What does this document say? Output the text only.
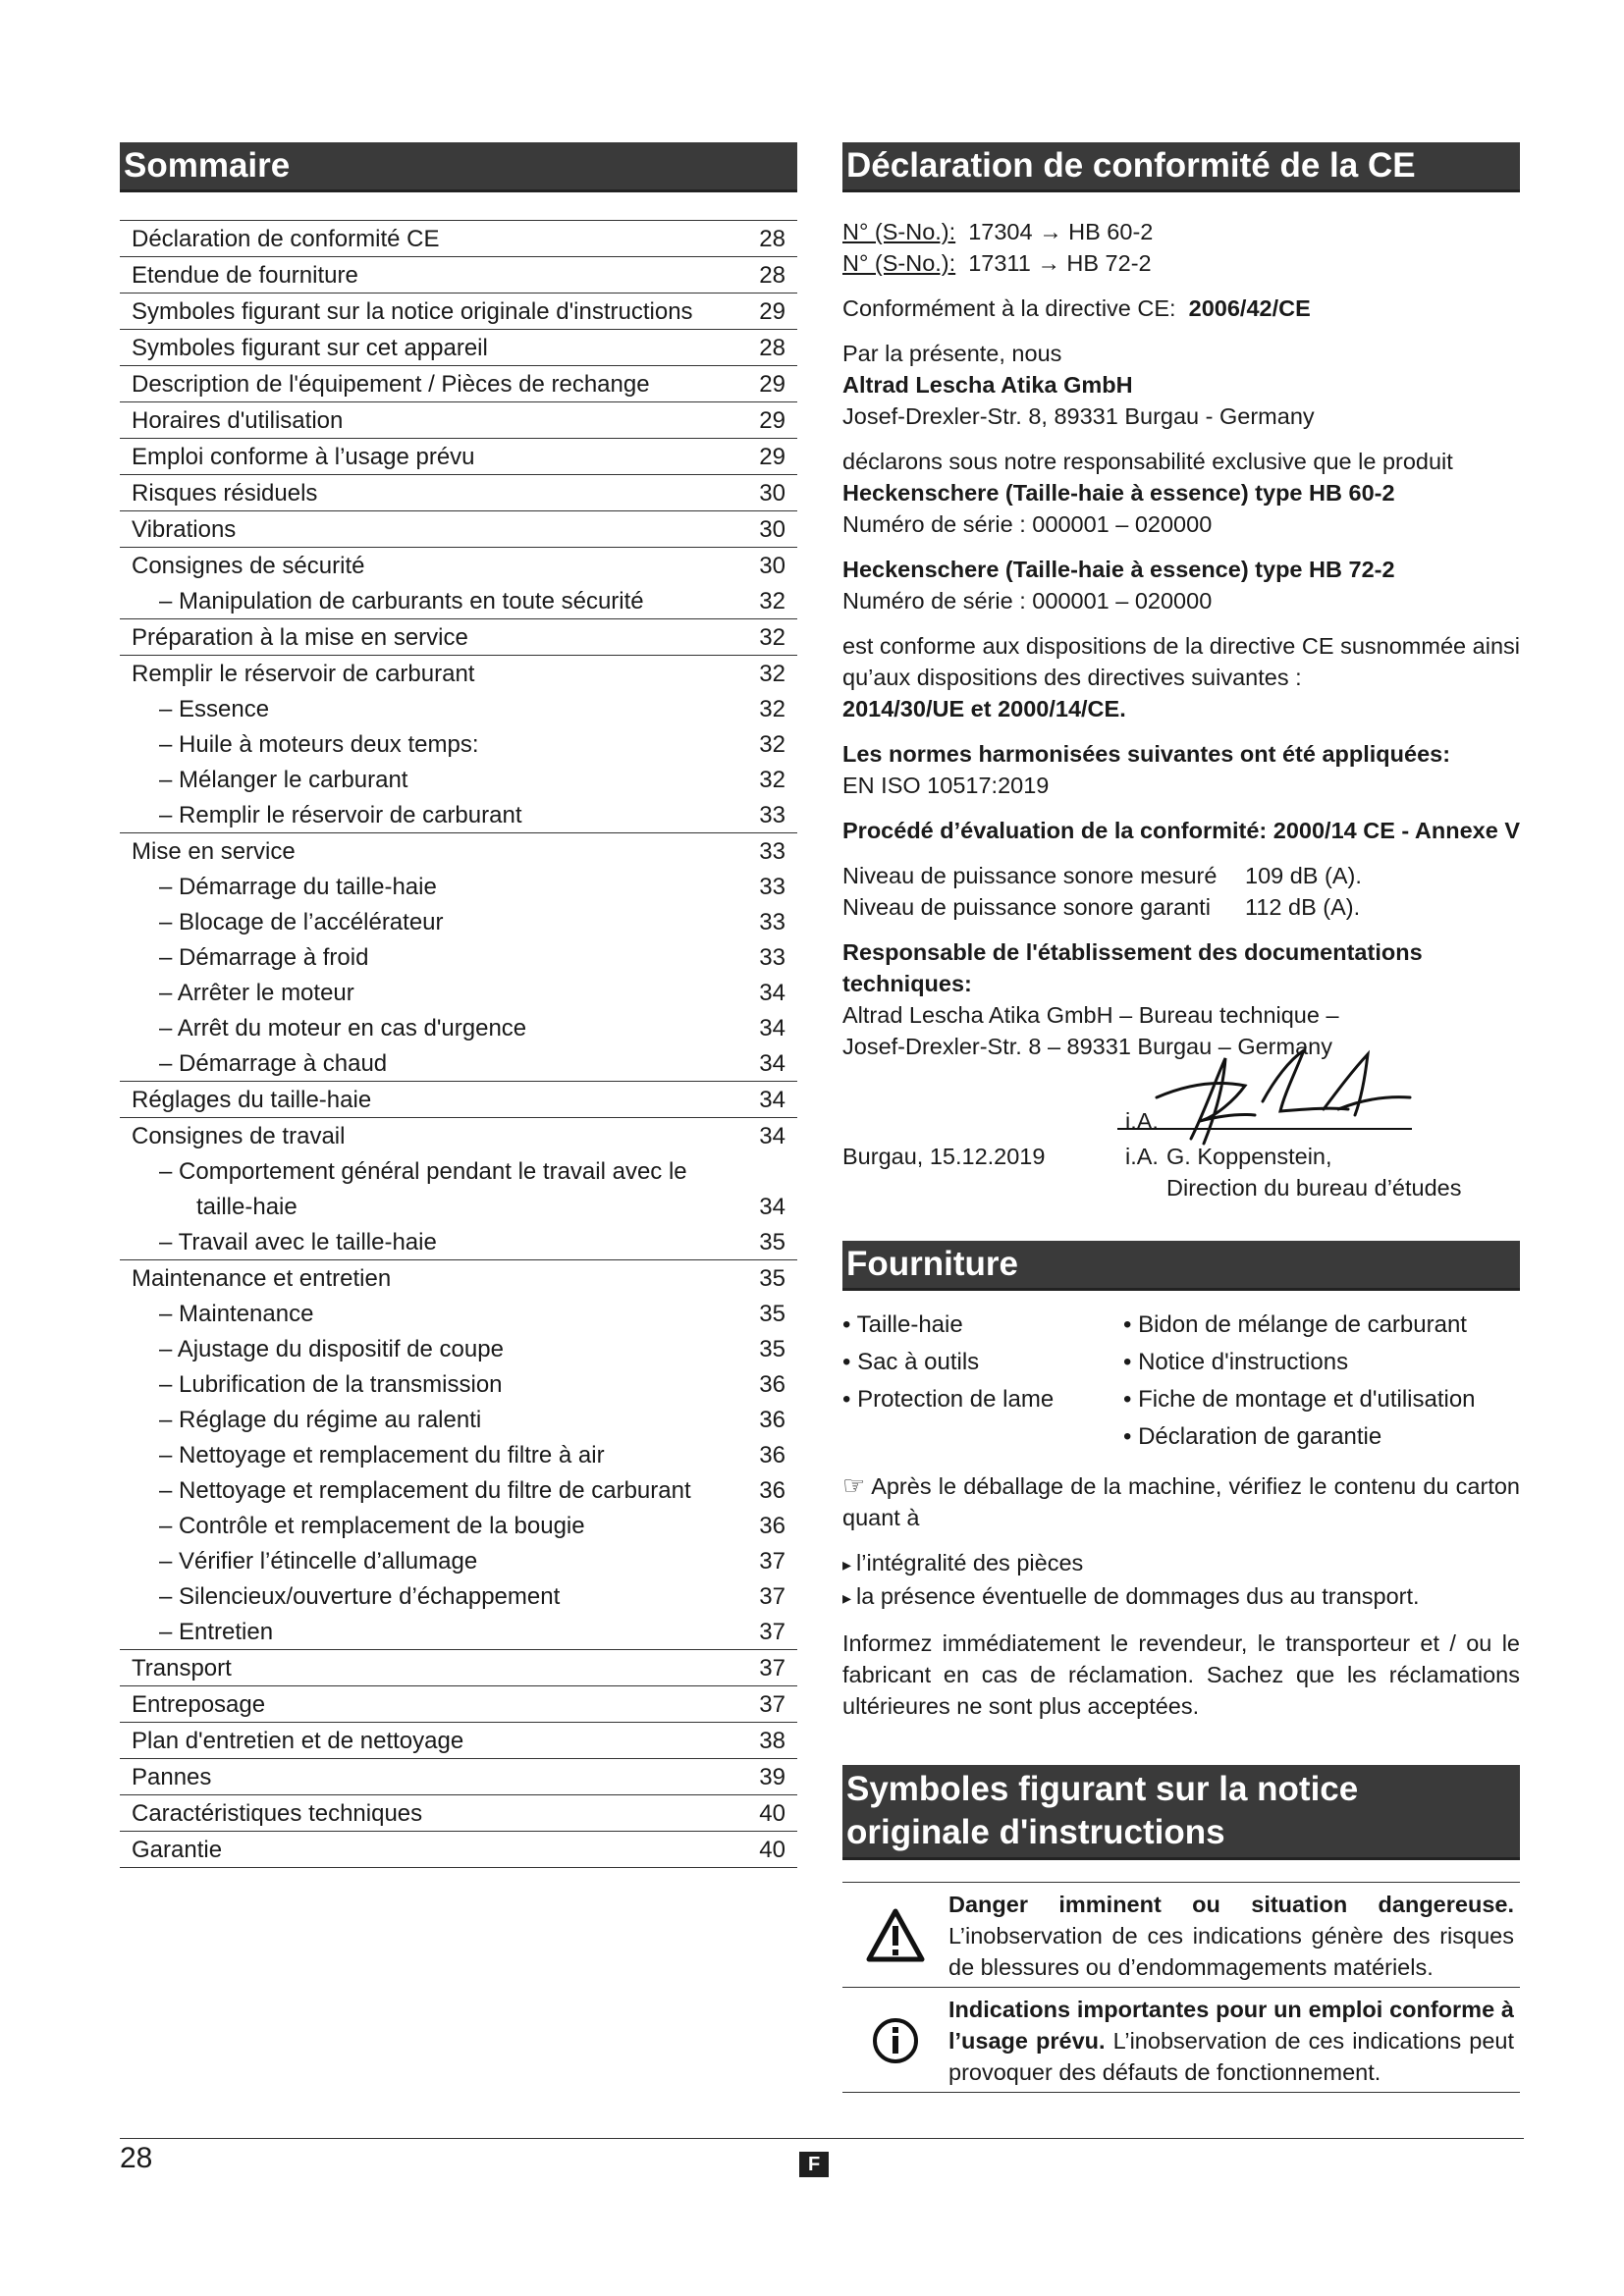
Sommaire
Déclaration de conformité CE	28
Etendue de fourniture	28
Symboles figurant sur la notice originale d'instructions	29
Symboles figurant sur cet appareil	28
Description de l'équipement / Pièces de rechange	29
Horaires d'utilisation	29
Emploi conforme à l’usage prévu	29
Risques résiduels	30
Vibrations	30
Consignes de sécurité	30
– Manipulation de carburants en toute sécurité	32
Préparation à la mise en service	32
Remplir le réservoir de carburant	32
– Essence	32
– Huile à moteurs deux temps:	32
– Mélanger le carburant	32
– Remplir le réservoir de carburant	33
Mise en service	33
– Démarrage du taille-haie	33
– Blocage de l’accélérateur	33
– Démarrage à froid	33
– Arrêter le moteur	34
– Arrêt du moteur en cas d'urgence	34
– Démarrage à chaud	34
Réglages du taille-haie	34
Consignes de travail	34
– Comportement général pendant le travail avec le
taille-haie	34
– Travail avec le taille-haie	35
Maintenance et entretien	35
– Maintenance	35
– Ajustage du dispositif de coupe	35
– Lubrification de la transmission	36
– Réglage du régime au ralenti	36
– Nettoyage et remplacement du filtre à air	36
– Nettoyage et remplacement du filtre de carburant	36
– Contrôle et remplacement de la bougie	36
– Vérifier l’étincelle d’allumage	37
– Silencieux/ouverture d’échappement	37
– Entretien	37
Transport	37
Entreposage	37
Plan d'entretien et de nettoyage	38
Pannes	39
Caractéristiques techniques	40
Garantie	40
Déclaration de conformité de la CE
N° (S-No.): 17304 → HB 60-2
N° (S-No.): 17311 → HB 72-2
Conformément à la directive CE: 2006/42/CE
Par la présente, nous
Altrad Lescha Atika GmbH
Josef-Drexler-Str. 8, 89331 Burgau - Germany
déclarons sous notre responsabilité exclusive que le produit
Heckenschere (Taille-haie à essence) type HB 60-2
Numéro de série : 000001 – 020000
Heckenschere (Taille-haie à essence) type HB 72-2
Numéro de série : 000001 – 020000
est conforme aux dispositions de la directive CE susnommée ainsi qu’aux dispositions des directives suivantes :
2014/30/UE et 2000/14/CE.
Les normes harmonisées suivantes ont été appliquées:
EN ISO 10517:2019
Procédé d’évaluation de la conformité: 2000/14 CE - Annexe V
Niveau de puissance sonore mesuré	109 dB (A).
Niveau de puissance sonore garanti	112 dB (A).
Responsable de l'établissement des documentations techniques:
Altrad Lescha Atika GmbH – Bureau technique –
Josef-Drexler-Str. 8 – 89331 Burgau – Germany
i.A.
Burgau, 15.12.2019	i.A. G. Koppenstein,
Direction du bureau d’études
Fourniture
• Taille-haie	• Bidon de mélange de carburant
• Sac à outils	• Notice d'instructions
• Protection de lame	• Fiche de montage et d'utilisation
• Déclaration de garantie
☞ Après le déballage de la machine, vérifiez le contenu du carton quant à
▸ l’intégralité des pièces
▸ la présence éventuelle de dommages dus au transport.
Informez immédiatement le revendeur, le transporteur et / ou le fabricant en cas de réclamation. Sachez que les réclamations ultérieures ne sont plus acceptées.
Symboles figurant sur la notice
originale d'instructions
Danger imminent ou situation dangereuse. L’inobservation de ces indications génère des risques de blessures ou d’endommagements matériels.
Indications importantes pour un emploi conforme à l’usage prévu. L’inobservation de ces indications peut provoquer des défauts de fonctionnement.
28	F
